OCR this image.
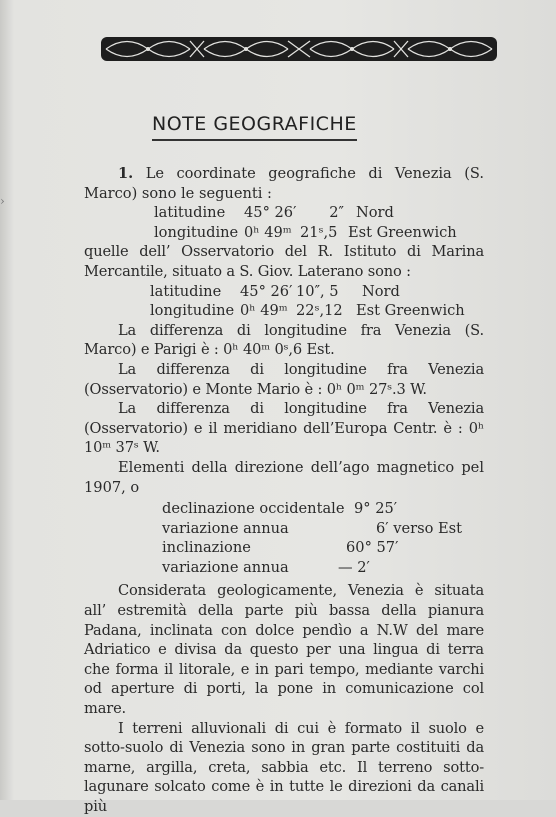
›
NOTE GEOGRAFICHE

1. Le coordinate geografiche di Venezia (S. Marco) sono le seguenti :

latitudine	45° 26′	2″ Nord
longitudine 0ʰ 49ᵐ 21ˢ,5 Est Greenwich

quelle dell’ Osservatorio del R. Istituto di Marina Mercantile, situato a S. Giov. Laterano sono :

latitudine	45° 26′ 10″, 5	Nord
longitudine 0ʰ 49ᵐ 22ˢ,12 Est Greenwich

La differenza di longitudine fra Venezia (S. Marco) e Parigi è : 0ʰ 40ᵐ 0ˢ,6 Est.

La differenza di longitudine fra Venezia (Osservatorio) e Monte Mario è : 0ʰ 0ᵐ 27ˢ.3 W.

La differenza di longitudine fra Venezia (Osservatorio) e il meridiano dell’Europa Centr. è : 0ʰ 10ᵐ 37ˢ W.

Elementi della direzione dell’ago magnetico pel 1907, o

declinazione occidentale 9° 25′
variazione annua	6′ verso Est
inclinazione	60° 57′
variazione annua	— 2′

Considerata geologicamente, Venezia è situata all’ estremità della parte più bassa della pianura Padana, inclinata con dolce pendìo a N.W del mare Adriatico e divisa da questo per una lingua di terra che forma il litorale, e in pari tempo, mediante varchi od aperture di porti, la pone in comunicazione col mare.

I terreni alluvionali di cui è formato il suolo e sotto-suolo di Venezia sono in gran parte costituiti da marne, argilla, creta, sabbia etc. Il terreno sotto-lagunare solcato come è in tutte le direzioni da canali più
